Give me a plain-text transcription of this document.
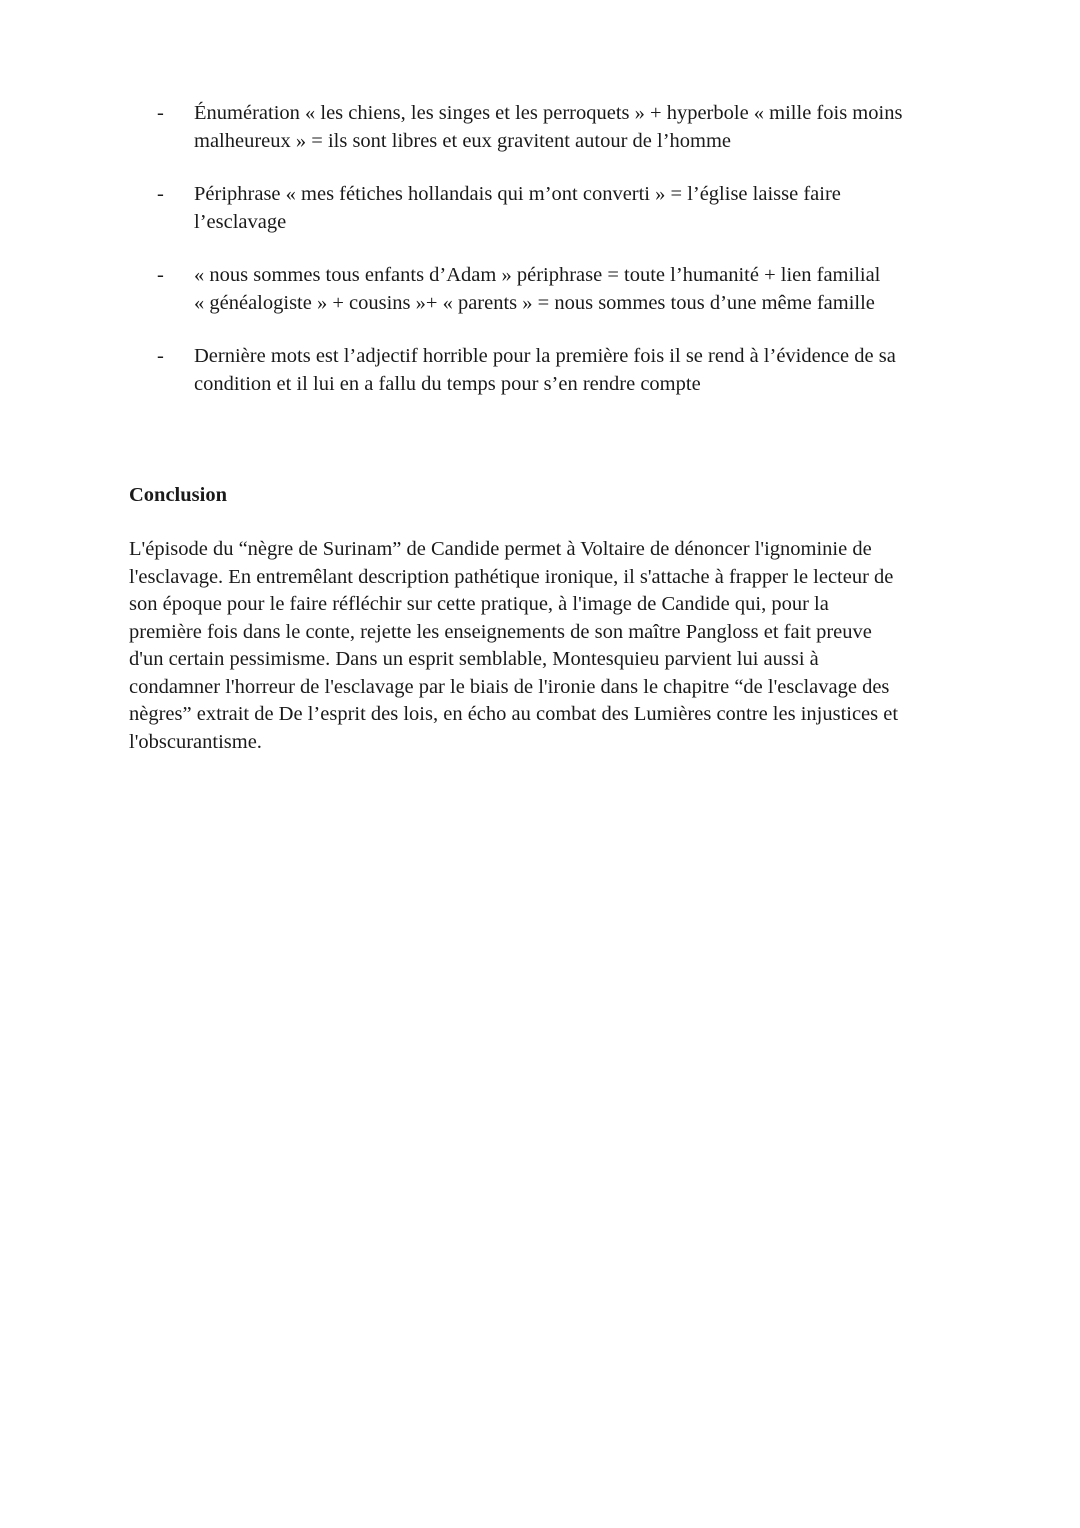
- Énumération « les chiens, les singes et les perroquets » + hyperbole « mille fois moins
malheureux » = ils sont libres et eux gravitent autour de l’homme
- Périphrase « mes fétiches hollandais qui m’ont converti » = l’église laisse faire
l’esclavage
- « nous sommes tous enfants d’Adam » périphrase = toute l’humanité + lien familial
« généalogiste » + cousins »+ « parents » = nous sommes tous d’une même famille
- Dernière mots est l’adjectif horrible pour la première fois il se rend à l’évidence de sa
condition et il lui en a fallu du temps pour s’en rendre compte
Conclusion

L'épisode du “nègre de Surinam” de Candide permet à Voltaire de dénoncer l'ignominie de
l'esclavage. En entremêlant description pathétique ironique, il s'attache à frapper le lecteur de
son époque pour le faire réfléchir sur cette pratique, à l'image de Candide qui, pour la
première fois dans le conte, rejette les enseignements de son maître Pangloss et fait preuve
d'un certain pessimisme. Dans un esprit semblable, Montesquieu parvient lui aussi à
condamner l'horreur de l'esclavage par le biais de l'ironie dans le chapitre “de l'esclavage des
nègres” extrait de De l’esprit des lois, en écho au combat des Lumières contre les injustices et
l'obscurantisme.
